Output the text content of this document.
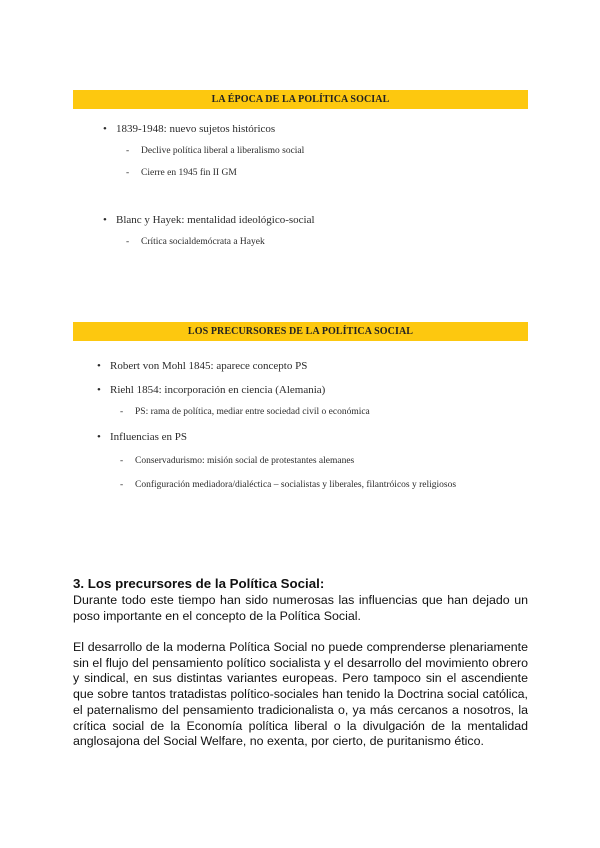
LA ÉPOCA DE LA POLÍTICA SOCIAL
• 1839-1948: nuevo sujetos históricos
- Declive política liberal a liberalismo social
- Cierre en 1945 fin II GM
• Blanc y Hayek: mentalidad ideológico-social
- Crítica socialdemócrata a Hayek
LOS PRECURSORES DE LA POLÍTICA SOCIAL
• Robert von Mohl 1845: aparece concepto PS
• Riehl 1854: incorporación en ciencia (Alemania)
- PS: rama de política, mediar entre sociedad civil o económica
• Influencias en PS
- Conservadurismo: misión social de protestantes alemanes
- Configuración mediadora/dialéctica – socialistas y liberales, filantróicos y religiosos
3. Los precursores de la Política Social:

Durante todo este tiempo han sido numerosas las influencias que han dejado un poso importante en el concepto de la Política Social.

El desarrollo de la moderna Política Social no puede comprenderse plenariamente sin el flujo del pensamiento político socialista y el desarrollo del movimiento obrero y sindical, en sus distintas variantes europeas. Pero tampoco sin el ascendiente que sobre tantos tratadistas político-sociales han tenido la Doctrina social católica, el paternalismo del pensamiento tradicionalista o, ya más cercanos a nosotros, la crítica social de la Economía política liberal o la divulgación de la mentalidad anglosajona del Social Welfare, no exenta, por cierto, de puritanismo ético.
